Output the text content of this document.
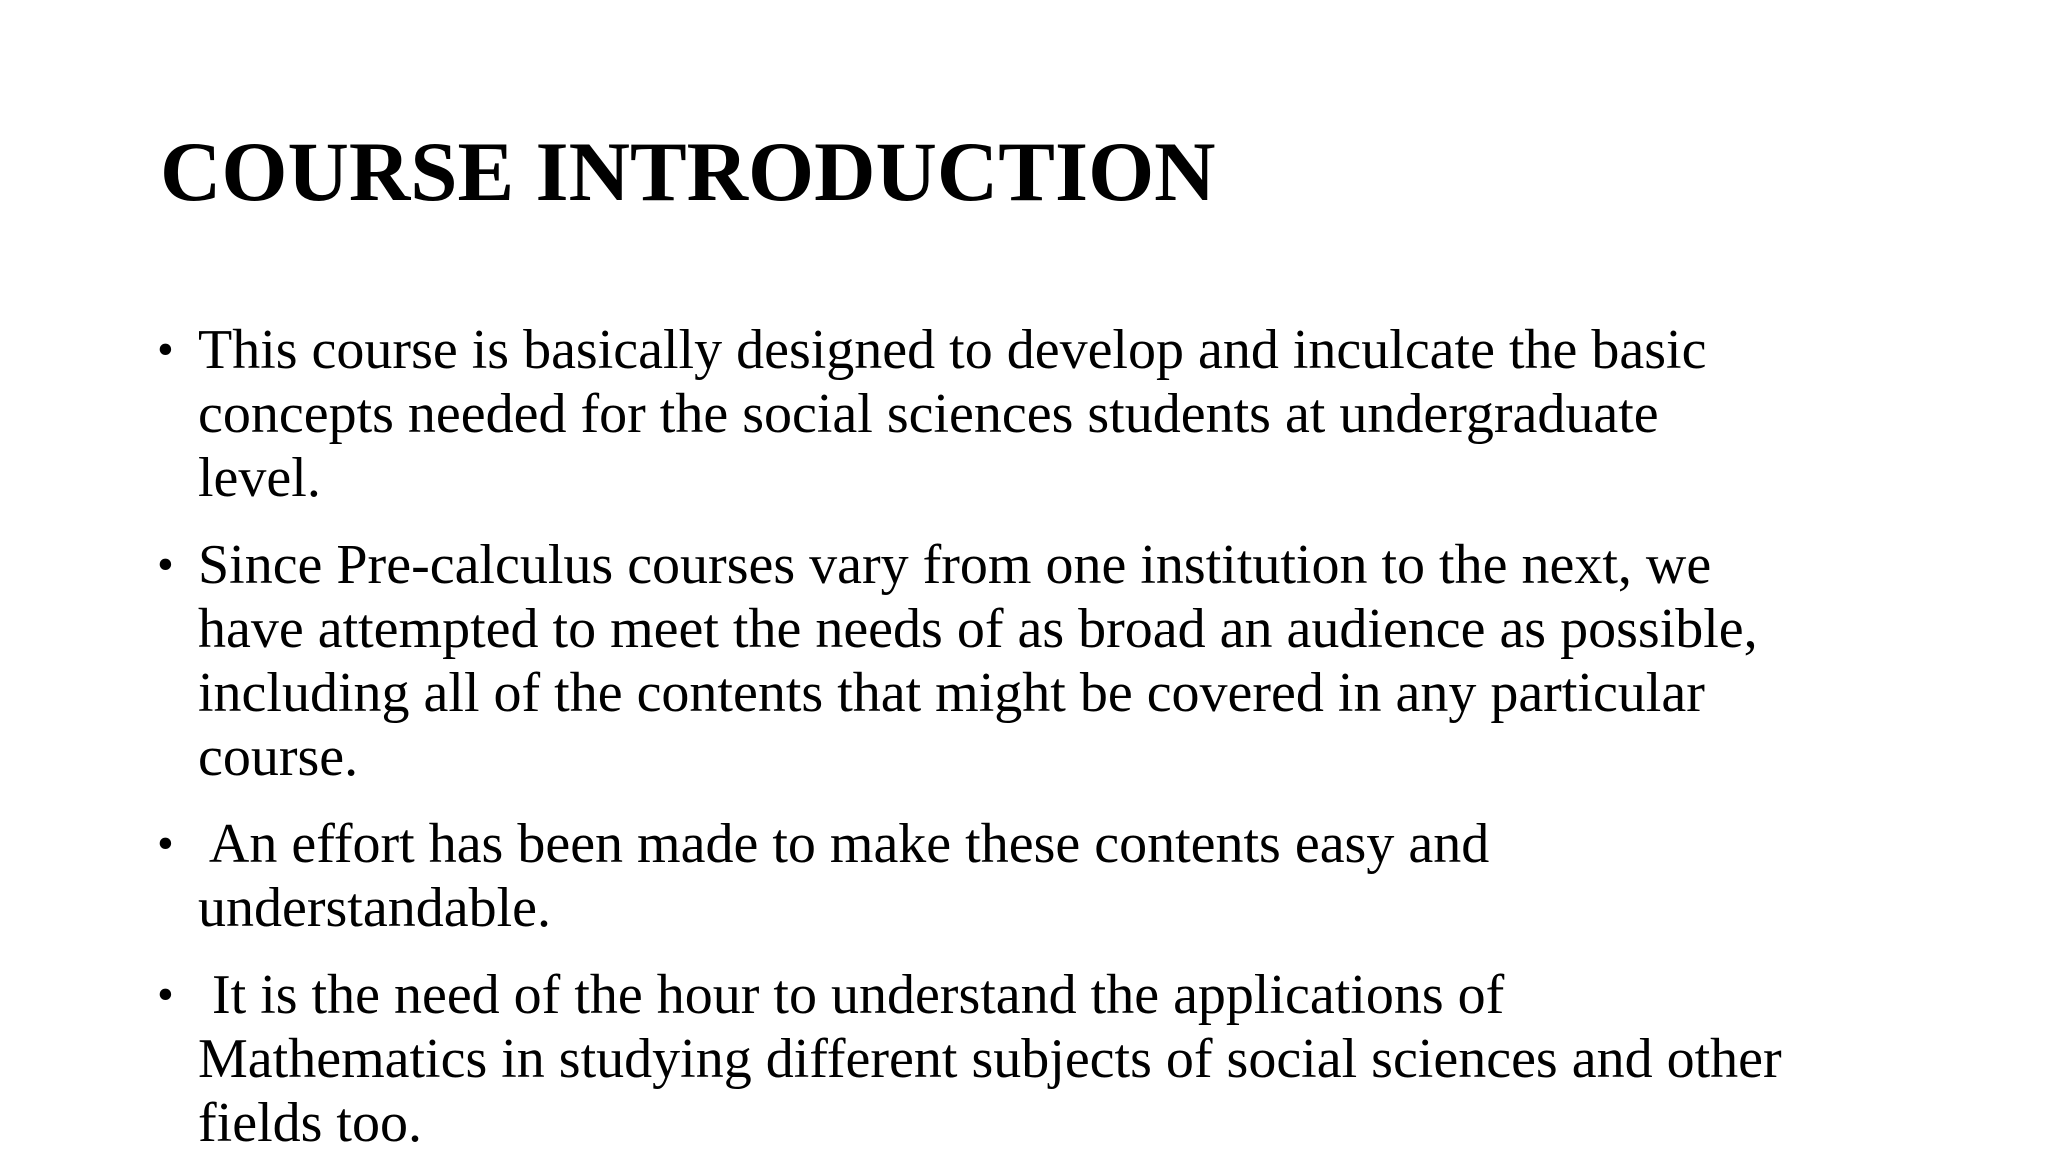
COURSE INTRODUCTION
• This course is basically designed to develop and inculcate the basic
concepts needed for the social sciences students at undergraduate
level.
• Since Pre-calculus courses vary from one institution to the next, we
have attempted to meet the needs of as broad an audience as possible,
including all of the contents that might be covered in any particular
course.
• An effort has been made to make these contents easy and
understandable.
• It is the need of the hour to understand the applications of
Mathematics in studying different subjects of social sciences and other
fields too.
